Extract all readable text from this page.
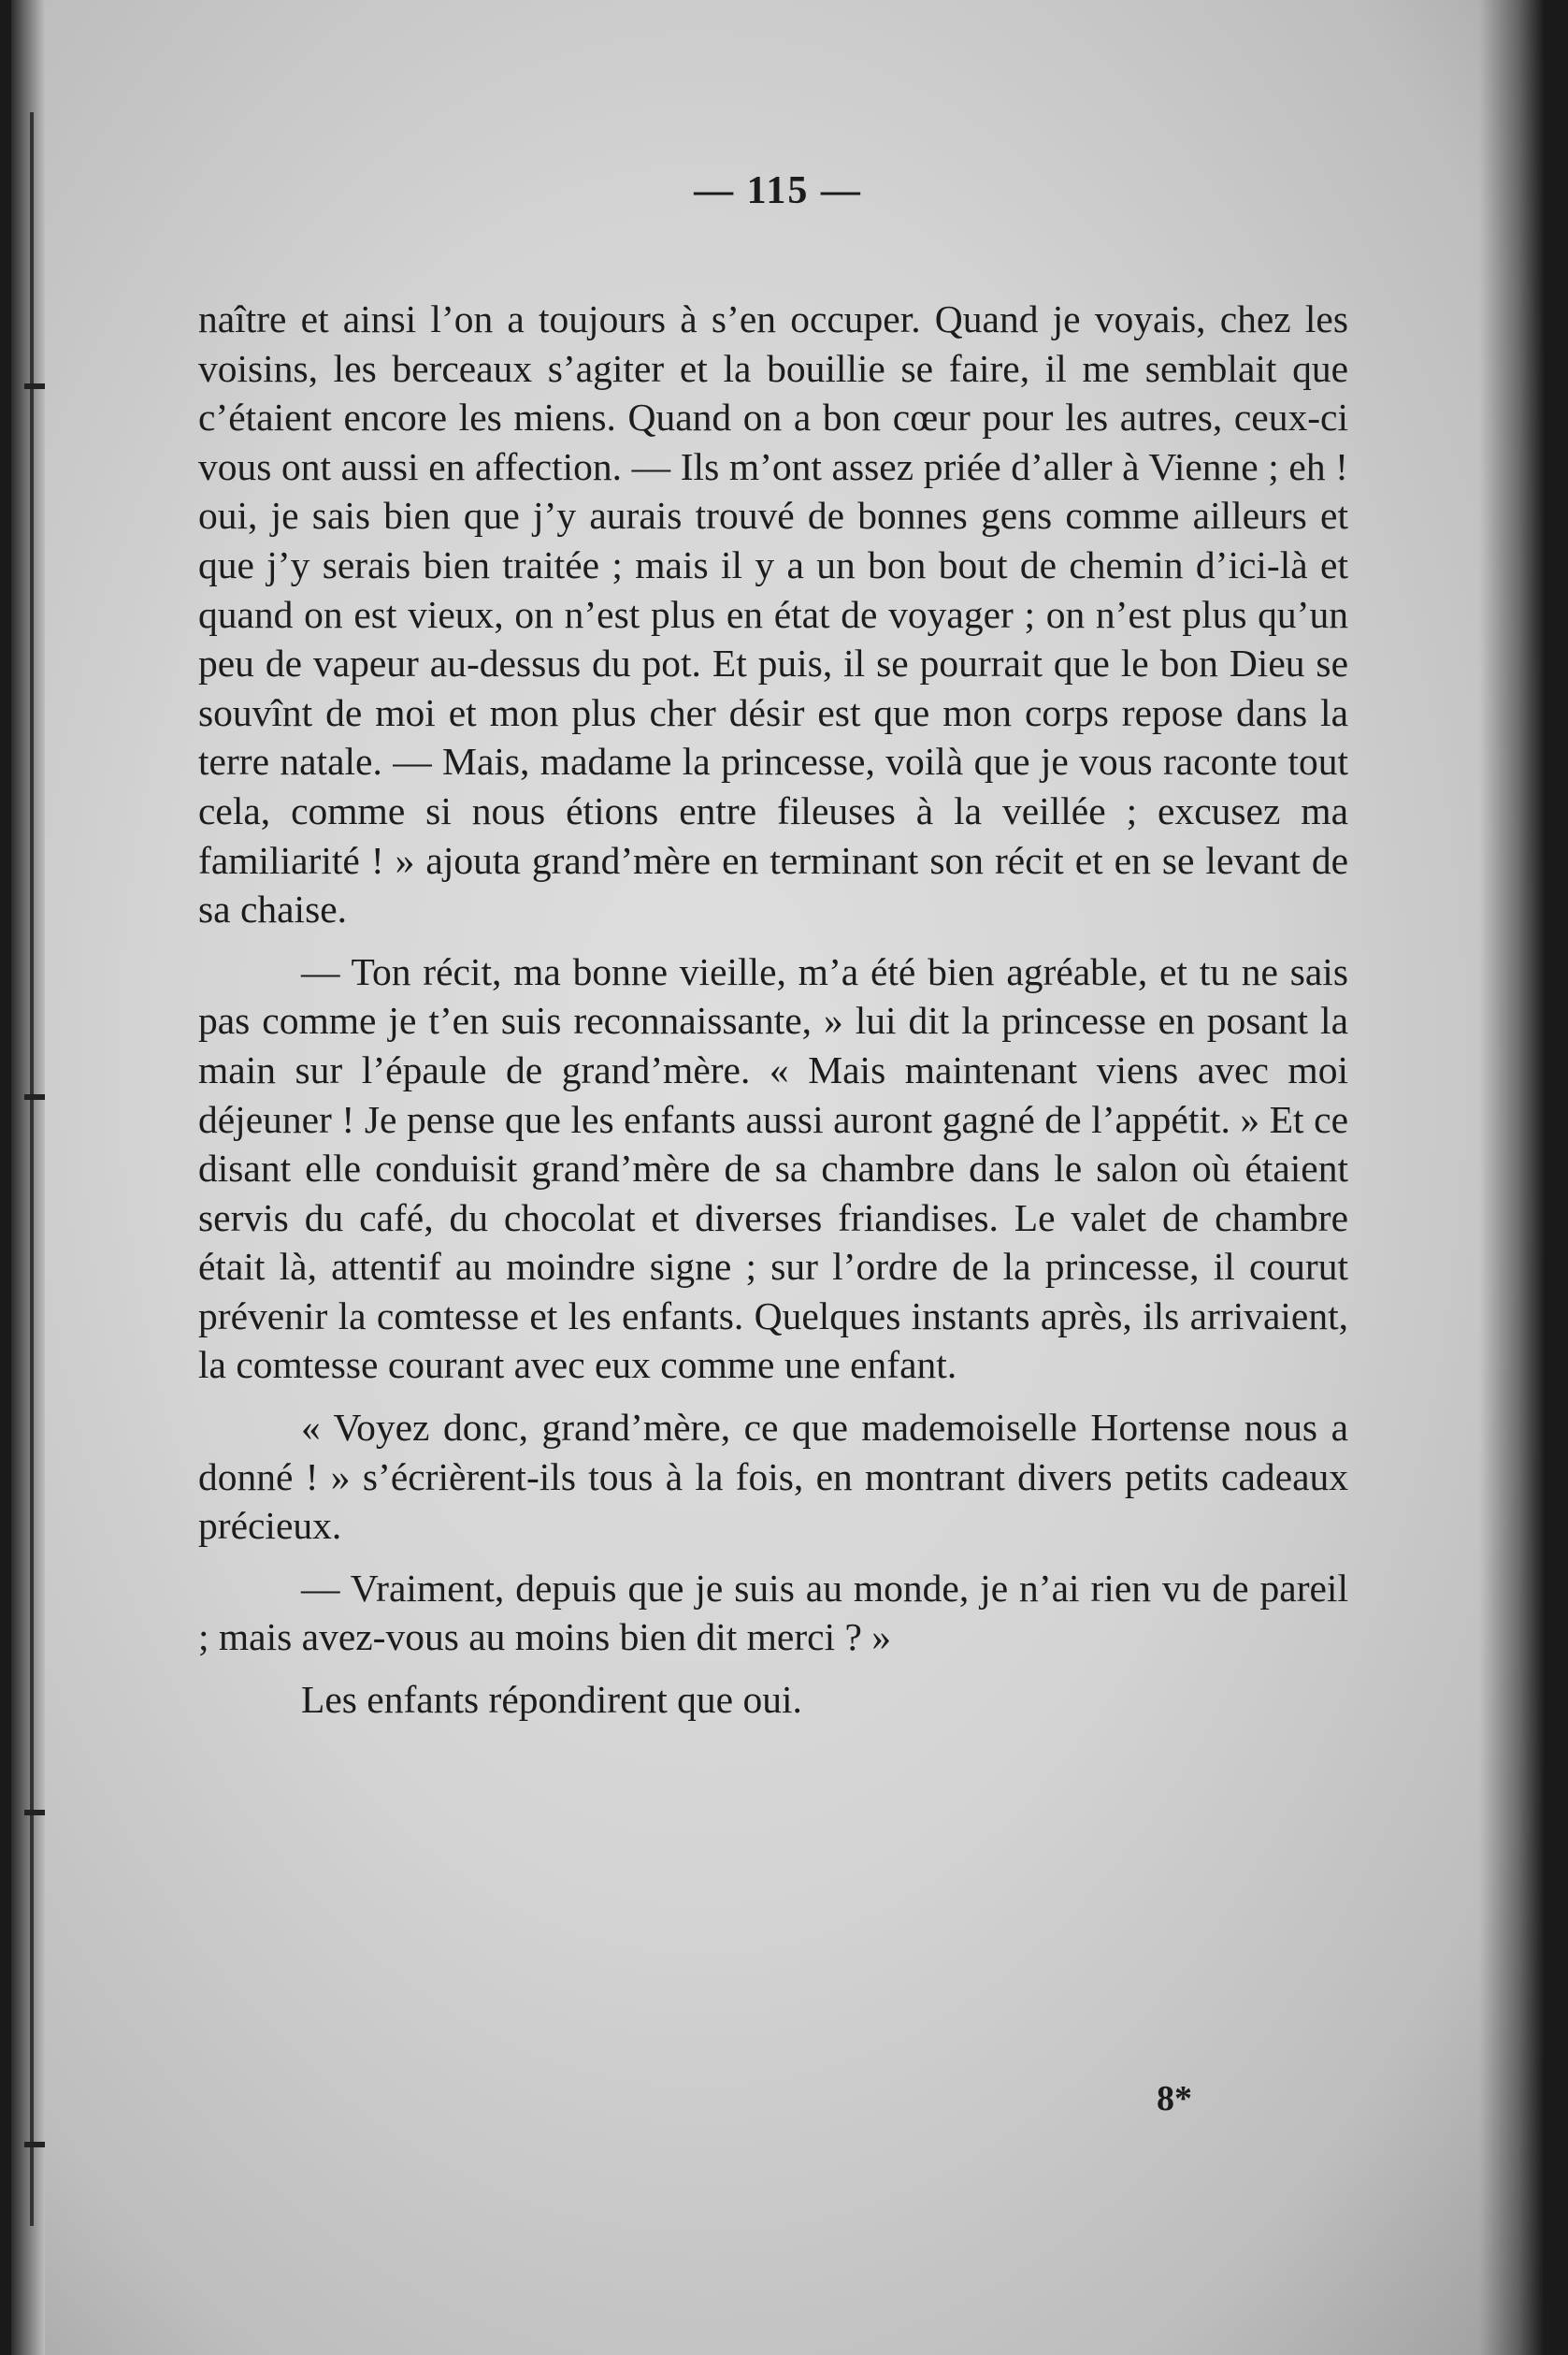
— 115 —

naître et ainsi l’on a toujours à s’en occuper. Quand je voyais, chez les voisins, les berceaux s’agiter et la bouillie se faire, il me semblait que c’étaient encore les miens. Quand on a bon cœur pour les autres, ceux-ci vous ont aussi en affection. — Ils m’ont assez priée d’aller à Vienne ; eh ! oui, je sais bien que j’y aurais trouvé de bonnes gens comme ailleurs et que j’y serais bien traitée ; mais il y a un bon bout de chemin d’ici-là et quand on est vieux, on n’est plus en état de voyager ; on n’est plus qu’un peu de vapeur au-dessus du pot. Et puis, il se pourrait que le bon Dieu se souvînt de moi et mon plus cher désir est que mon corps repose dans la terre natale. — Mais, madame la princesse, voilà que je vous raconte tout cela, comme si nous étions entre fileuses à la veillée ; excusez ma familiarité ! » ajouta grand’mère en terminant son récit et en se levant de sa chaise.

— Ton récit, ma bonne vieille, m’a été bien agréable, et tu ne sais pas comme je t’en suis reconnaissante, » lui dit la princesse en posant la main sur l’épaule de grand’mère. « Mais maintenant viens avec moi déjeuner ! Je pense que les enfants aussi auront gagné de l’appétit. » Et ce disant elle conduisit grand’mère de sa chambre dans le salon où étaient servis du café, du chocolat et diverses friandises. Le valet de chambre était là, attentif au moindre signe ; sur l’ordre de la princesse, il courut prévenir la comtesse et les enfants. Quelques instants après, ils arrivaient, la comtesse courant avec eux comme une enfant.

« Voyez donc, grand’mère, ce que mademoiselle Hortense nous a donné ! » s’écrièrent-ils tous à la fois, en montrant divers petits cadeaux précieux.

— Vraiment, depuis que je suis au monde, je n’ai rien vu de pareil ; mais avez-vous au moins bien dit merci ? »

Les enfants répondirent que oui.

8*
